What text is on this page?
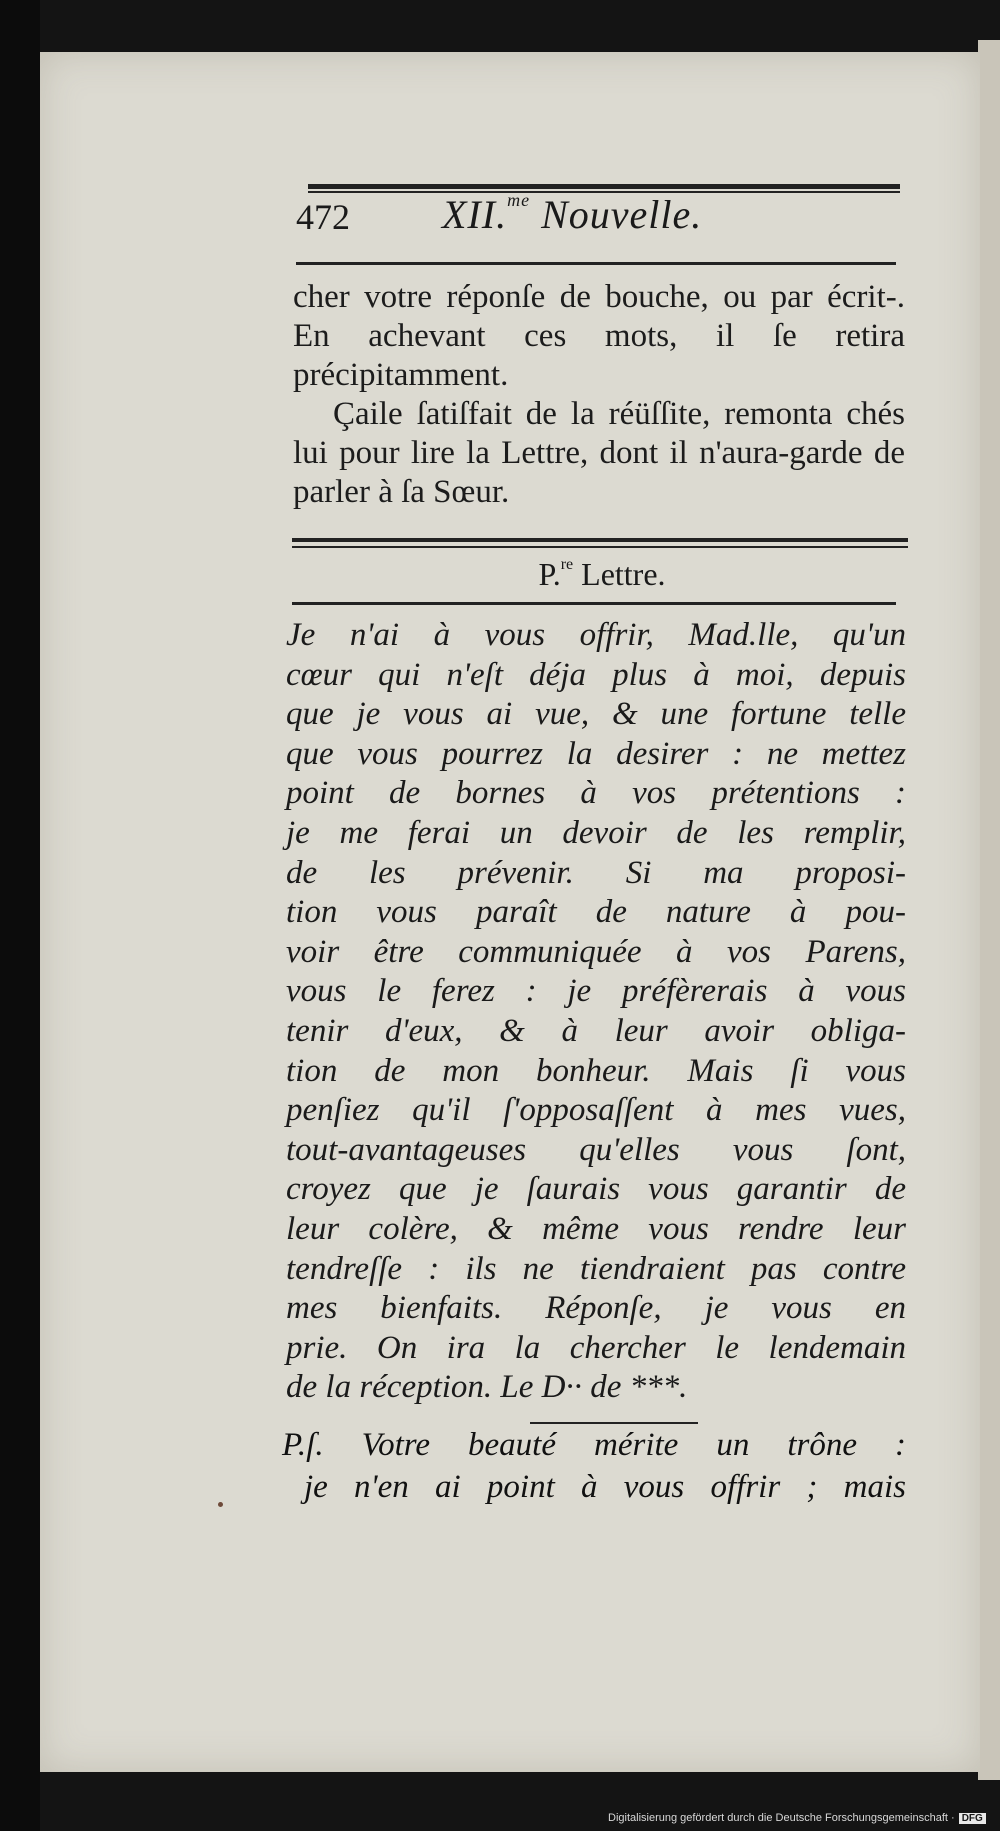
472 XII.$^{me}$ Nouvelle.

cher votre réponſe de bouche, ou par écrit-. En achevant ces mots, il ſe retira précipitamment.

Çaile ſatiſfait de la réüſſite, remonta chés lui pour lire la Lettre, dont il n'aura-garde de parler à ſa Sœur.

P.$^{re}$ Lettre.
Je n'ai à vous offrir, Mad.lle, qu'un
cœur qui n'eſt déja plus à moi, depuis
que je vous ai vue, & une fortune telle
que vous pourrez la desirer : ne mettez
point de bornes à vos prétentions :
je me ferai un devoir de les remplir,
de les prévenir. Si ma proposi-
tion vous paraît de nature à pou-
voir être communiquée à vos Parens,
vous le ferez : je préfèrerais à vous
tenir d'eux, & à leur avoir obliga-
tion de mon bonheur. Mais ſi vous
penſiez qu'il ſ'opposaſſent à mes vues,
tout-avantageuses qu'elles vous ſont,
croyez que je ſaurais vous garantir de
leur colère, & même vous rendre leur
tendreſſe : ils ne tiendraient pas contre
mes bienfaits. Réponſe, je vous en
prie. On ira la chercher le lendemain
de la réception. Le D·· de ***.
P.ſ. Votre beauté mérite un trône :
je n'en ai point à vous offrir ; mais
Digitalisierung gefördert durch die Deutsche Forschungsgemeinschaft · DFG
